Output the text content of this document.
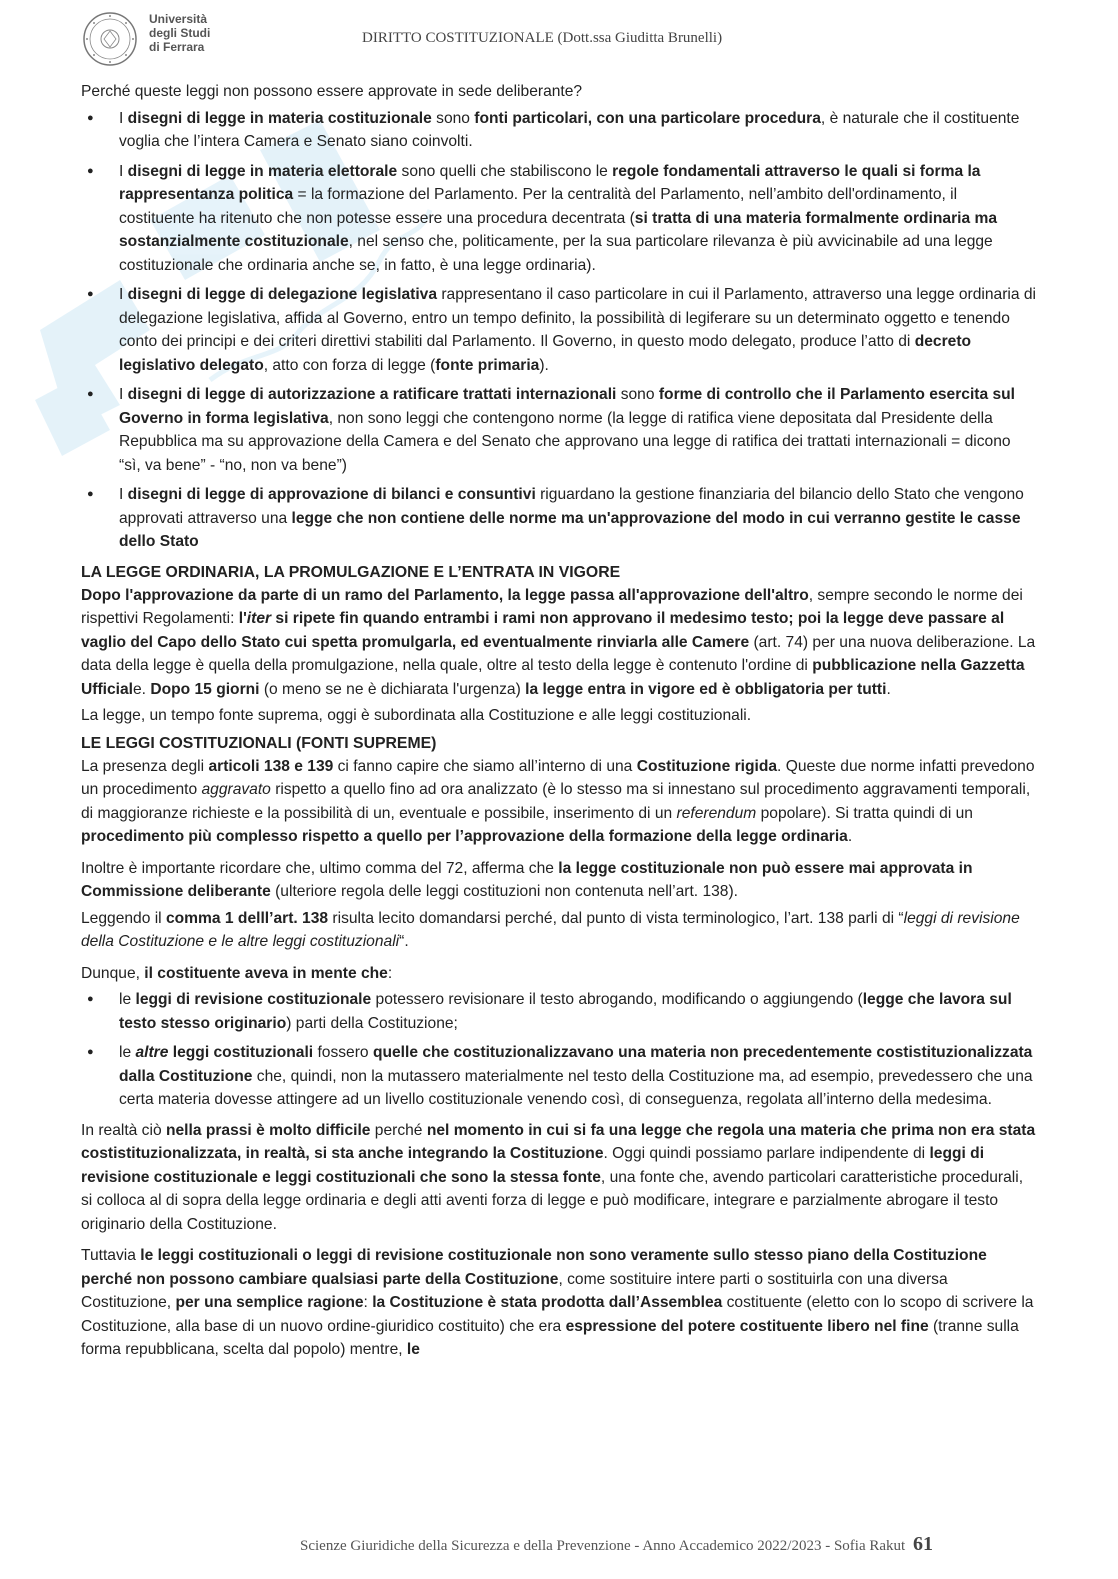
Università
degli Studi
di Ferrara
DIRITTO COSTITUZIONALE (Dott.ssa Giuditta Brunelli)

Perché queste leggi non possono essere approvate in sede deliberante?

● I disegni di legge in materia costituzionale sono fonti particolari, con una particolare procedura, è naturale che il costituente voglia che l’intera Camera e Senato siano coinvolti.
● I disegni di legge in materia elettorale sono quelli che stabiliscono le regole fondamentali attraverso le quali si forma la rappresentanza politica = la formazione del Parlamento. Per la centralità del Parlamento, nell’ambito dell'ordinamento, il costituente ha ritenuto che non potesse essere una procedura decentrata (si tratta di una materia formalmente ordinaria ma sostanzialmente costituzionale, nel senso che, politicamente, per la sua particolare rilevanza è più avvicinabile ad una legge costituzionale che ordinaria anche se, in fatto, è una legge ordinaria).
● I disegni di legge di delegazione legislativa rappresentano il caso particolare in cui il Parlamento, attraverso una legge ordinaria di delegazione legislativa, affida al Governo, entro un tempo definito, la possibilità di legiferare su un determinato oggetto e tenendo conto dei principi e dei criteri direttivi stabiliti dal Parlamento. Il Governo, in questo modo delegato, produce l’atto di decreto legislativo delegato, atto con forza di legge (fonte primaria).
● I disegni di legge di autorizzazione a ratificare trattati internazionali sono forme di controllo che il Parlamento esercita sul Governo in forma legislativa, non sono leggi che contengono norme (la legge di ratifica viene depositata dal Presidente della Repubblica ma su approvazione della Camera e del Senato che approvano una legge di ratifica dei trattati internazionali = dicono “sì, va bene” - “no, non va bene”)
● I disegni di legge di approvazione di bilanci e consuntivi riguardano la gestione finanziaria del bilancio dello Stato che vengono approvati attraverso una legge che non contiene delle norme ma un'approvazione del modo in cui verranno gestite le casse dello Stato
LA LEGGE ORDINARIA, LA PROMULGAZIONE E L’ENTRATA IN VIGORE

Dopo l'approvazione da parte di un ramo del Parlamento, la legge passa all'approvazione dell'altro, sempre secondo le norme dei rispettivi Regolamenti: l'iter si ripete fin quando entrambi i rami non approvano il medesimo testo; poi la legge deve passare al vaglio del Capo dello Stato cui spetta promulgarla, ed eventualmente rinviarla alle Camere (art. 74) per una nuova deliberazione. La data della legge è quella della promulgazione, nella quale, oltre al testo della legge è contenuto l'ordine di pubblicazione nella Gazzetta Ufficiale. Dopo 15 giorni (o meno se ne è dichiarata l'urgenza) la legge entra in vigore ed è obbligatoria per tutti.

La legge, un tempo fonte suprema, oggi è subordinata alla Costituzione e alle leggi costituzionali.

LE LEGGI COSTITUZIONALI (FONTI SUPREME)

La presenza degli articoli 138 e 139 ci fanno capire che siamo all’interno di una Costituzione rigida. Queste due norme infatti prevedono un procedimento aggravato rispetto a quello fino ad ora analizzato (è lo stesso ma si innestano sul procedimento aggravamenti temporali, di maggioranze richieste e la possibilità di un, eventuale e possibile, inserimento di un referendum popolare). Si tratta quindi di un procedimento più complesso rispetto a quello per l’approvazione della formazione della legge ordinaria.

Inoltre è importante ricordare che, ultimo comma del 72, afferma che la legge costituzionale non può essere mai approvata in Commissione deliberante (ulteriore regola delle leggi costituzioni non contenuta nell’art. 138).

Leggendo il comma 1 delll’art. 138 risulta lecito domandarsi perché, dal punto di vista terminologico, l’art. 138 parli di “leggi di revisione della Costituzione e le altre leggi costituzionali“.

Dunque, il costituente aveva in mente che:

● le leggi di revisione costituzionale potessero revisionare il testo abrogando, modificando o aggiungendo (legge che lavora sul testo stesso originario) parti della Costituzione;
● le altre leggi costituzionali fossero quelle che costituzionalizzavano una materia non precedentemente costistituzionalizzata dalla Costituzione che, quindi, non la mutassero materialmente nel testo della Costituzione ma, ad esempio, prevedessero che una certa materia dovesse attingere ad un livello costituzionale venendo così, di conseguenza, regolata all’interno della medesima.

In realtà ciò nella prassi è molto difficile perché nel momento in cui si fa una legge che regola una materia che prima non era stata costistituzionalizzata, in realtà, si sta anche integrando la Costituzione. Oggi quindi possiamo parlare indipendente di leggi di revisione costituzionale e leggi costituzionali che sono la stessa fonte, una fonte che, avendo particolari caratteristiche procedurali, si colloca al di sopra della legge ordinaria e degli atti aventi forza di legge e può modificare, integrare e parzialmente abrogare il testo originario della Costituzione.

Tuttavia le leggi costituzionali o leggi di revisione costituzionale non sono veramente sullo stesso piano della Costituzione perché non possono cambiare qualsiasi parte della Costituzione, come sostituire intere parti o sostituirla con una diversa Costituzione, per una semplice ragione: la Costituzione è stata prodotta dall’Assemblea costituente (eletto con lo scopo di scrivere la Costituzione, alla base di un nuovo ordine-giuridico costituito) che era espressione del potere costituente libero nel fine (tranne sulla forma repubblicana, scelta dal popolo) mentre, le

Scienze Giuridiche della Sicurezza e della Prevenzione - Anno Accademico 2022/2023 - Sofia Rakut 61
